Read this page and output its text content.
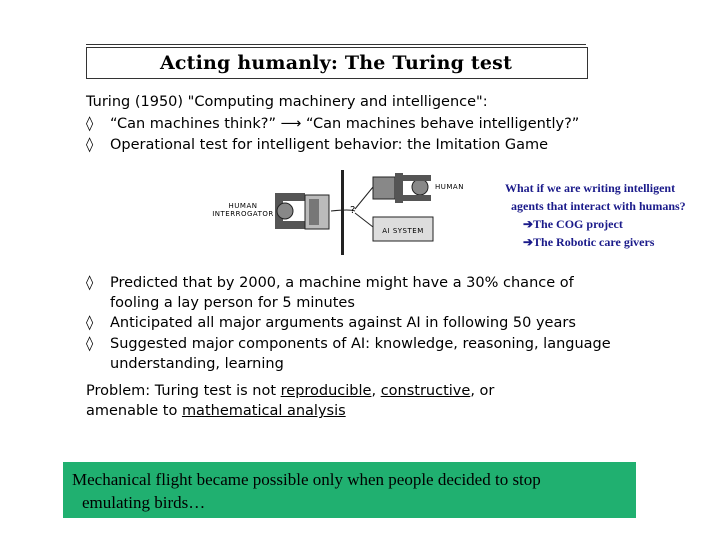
Acting humanly: The Turing test
Turing (1950) "Computing machinery and intelligence":
◊ “Can machines think?” ⟶ “Can machines behave intelligently?”
◊ Operational test for intelligent behavior: the Imitation Game
HUMAN
INTERROGATOR	?
HUMAN
AI SYSTEM
What if we are writing intelligent
agents that interact with humans?
➔The COG project
➔The Robotic care givers
◊ Predicted that by 2000, a machine might have a 30% chance of
fooling a lay person for 5 minutes
◊ Anticipated all major arguments against AI in following 50 years
◊ Suggested major components of AI: knowledge, reasoning, language
understanding, learning
Problem: Turing test is not reproducible, constructive, or
amenable to mathematical analysis
Mechanical flight became possible only when people decided to stop
emulating birds…
